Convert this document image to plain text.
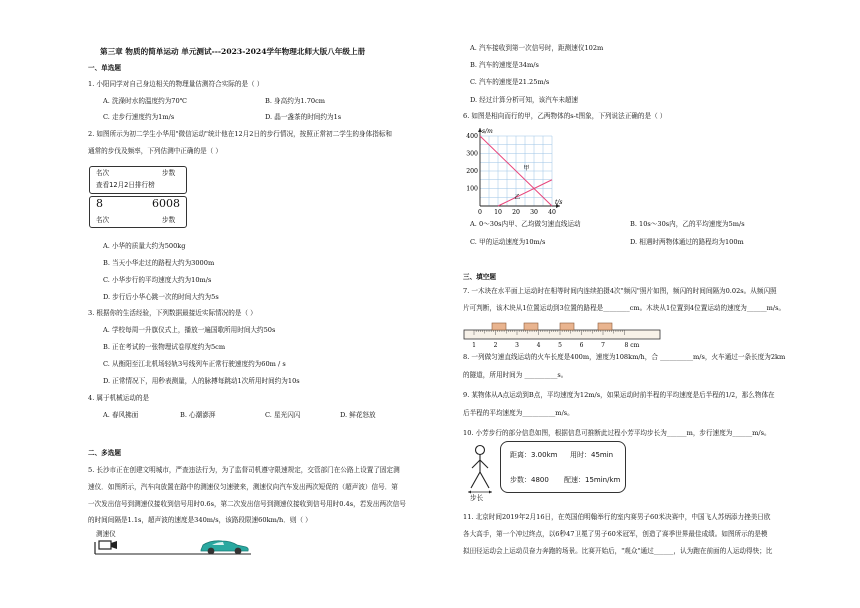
第三章 物质的简单运动 单元测试---2023-2024学年物理北师大版八年级上册
一、单选题
1. 小阳同学对自己身边相关的物理量估测符合实际的是（ ）
A. 洗澡时水的温度约为70℃	B. 身高约为1.70cm
C. 走步行速度约为1m/s	D. 晶一盏茶的时间约为1s
2. 如图所示为初二学生小华用"微信运动"统计他在12月2日的步行情况，按照正常初二学生的身体指标和
通常的步伐及频率，下列估测中正确的是（ ）
名次	步数
查看12月2日排行榜
8	6008
名次	步数
A. 小华的质量大约为500kg
B. 当天小华走过的路程大约为3000m
C. 小华步行的平均速度大约为10m/s
D. 步行后小华心跳一次的时间大约为5s
3. 根据你的生活经验，下列数据最接近实际情况的是（ ）
A. 学校每周一升旗仪式上，播放一遍国歌所用时间大约50s
B. 正在考试的一张物理试卷厚度约为5cm
C. 从衡阳至江北机场轻轨3号线列车正常行驶速度约为60m / s
D. 正常情况下，用秒表测量，人的脉搏每跳动1次所用时间约为10s
4. 属于机械运动的是
A. 春风拂面	B. 心潮澎湃	C. 星光闪闪	D. 鲜花怒放
二、多选题
5. 长沙市正在创建文明城市，严查违法行为，为了监督司机遵守限速规定，交管部门在公路上设置了固定测
速仪．如图所示，汽车向放置在路中的测速仪匀速驶来，测速仪向汽车发出两次短促的（超声波）信号．第
一次发出信号到测速仪接收到信号用时0.6s，第二次发出信号到测速仪接收到信号用时0.4s，若发出两次信号
的时间间隔是1.1s，超声波的速度是340m/s，该路段限速60km/h．则（ ）
测速仪
A. 汽车接收到第一次信号时，距测速仪102m
B. 汽车的速度是34m/s
C. 汽车的速度是21.25m/s
D. 经过计算分析可知，该汽车未超速
6. 如图是相向而行的甲，乙两物体的s-t图象，下列说法正确的是（ ）
s/m
t/s
0 10 20 30 40
100
200
300
400
甲
乙
A. 0～30s内甲、乙均做匀速直线运动	B. 10s～30s内，乙的平均速度为5m/s
C. 甲的运动速度为10m/s	D. 相遇时两物体通过的路程均为100m
三、填空题
7. 一木块在水平面上运动时在相等时间内连续拍摄4次"频闪"照片如图，频闪的时间间隔为0.02s。从频闪照
片可判断，该木块从1位置运动到3位置的路程是________cm。木块从1位置到4位置运动的速度为______m/s。
1	2	3	4	5	6	7	8 cm
8. 一列做匀速直线运动的火车长度是400m，速度为108km/h，合 __________m/s，火车通过一条长度为2km
的隧道，所用时间为 __________s。
9. 某物体从A点运动到B点，平均速度为12m/s，如果运动时前半程的平均速度是后半程的1/2，那么物体在
后半程的平均速度为__________m/s。
10. 小芳步行的部分信息如图，根据信息可推断此过程小芳平均步长为______m，步行速度为______m/s。
步长
距离：3.00km 用时：45min
步数：4800 配速：15min/km
11. 北京时间2019年2月16日，在英国伯明翰举行的室内赛男子60米决赛中，中国飞人苏炳添力挫美日欧
各大高手，第一个冲过终点，以6秒47卫冕了男子60米冠军，创造了赛季世界最佳成绩。如图所示的是模
拟田径运动会上运动员奋力奔跑的场景。比赛开始后，"观众"通过______，认为跑在前面的人运动得快；比
